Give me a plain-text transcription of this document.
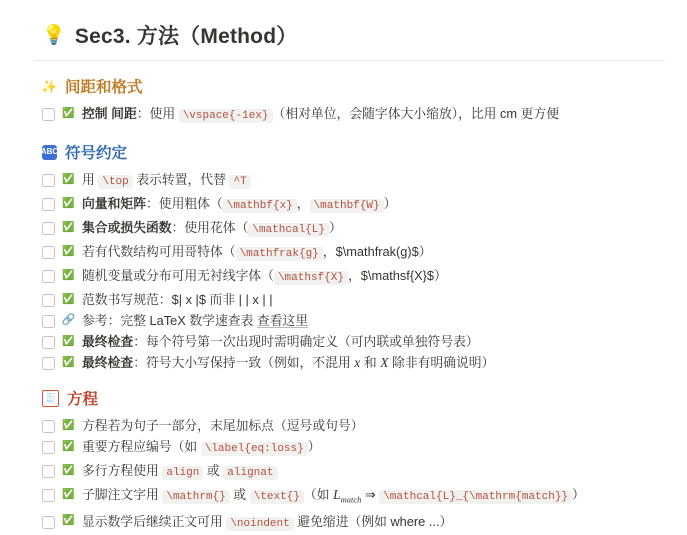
💡 Sec3. 方法（Method）
✨ 间距和格式
✅ 控制 间距：使用 \vspace{-1ex} （相对单位，会随字体大小缩放），比用 cm 更方便
ABC 符号约定
✅ 用 \top 表示转置，代替 ^T
✅ 向量和矩阵：使用粗体（ \mathbf{x} ， \mathbf{W} ）
✅ 集合或损失函数：使用花体（ \mathcal{L} ）
✅ 若有代数结构可用哥特体（ \mathfrak{g} ，$\mathfrak(g)$）
✅ 随机变量或分布可用无衬线字体（ \mathsf{X} ，$\mathsf{X}$）
✅ 范数书写规范：$| x |$ 而非 | | x | |
🔗 参考：完整 LaTeX 数学速查表 查看这里
✅ 最终检查：每个符号第一次出现时需明确定义（可内联或单独符号表）
✅ 最终检查：符号大小写保持一致（例如，不混用 x 和 X 除非有明确说明）
🧾 方程
✅ 方程若为句子一部分，末尾加标点（逗号或句号）
✅ 重要方程应编号（如 \label{eq:loss} ）
✅ 多行方程使用 align 或 alignat
✅ 子脚注文字用 \mathrm{} 或 \text{} （如 $L_{match}$ ⇒ \mathcal{L}_{\mathrm{match}} ）
✅ 显示数学后继续正文可用 \noindent 避免缩进（例如 where ...）
